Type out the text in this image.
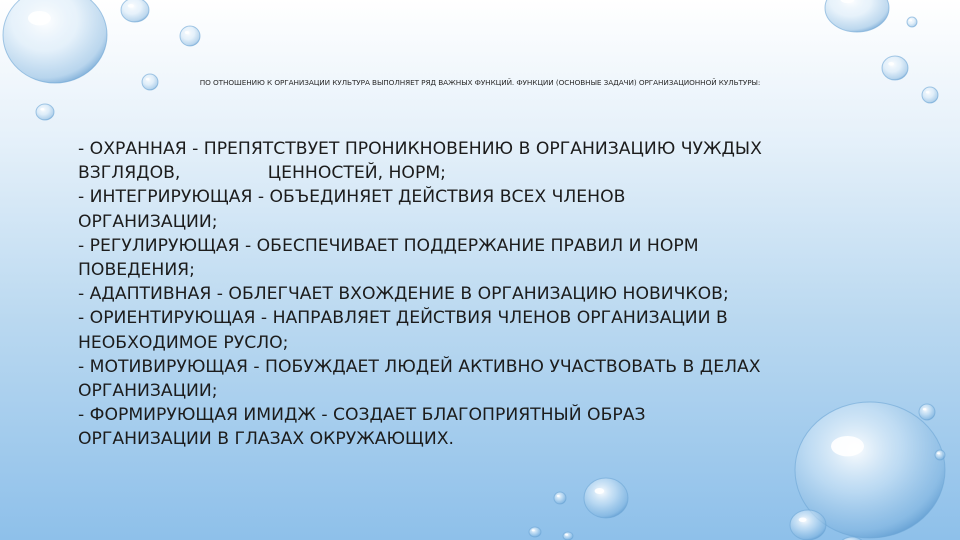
ПО ОТНОШЕНИЮ К ОРГАНИЗАЦИИ КУЛЬТУРА ВЫПОЛНЯЕТ РЯД ВАЖНЫХ ФУНКЦИЙ. ФУНКЦИИ (ОСНОВНЫЕ ЗАДАЧИ) ОРГАНИЗАЦИОННОЙ КУЛЬТУРЫ:
- ОХРАННАЯ - ПРЕПЯТСТВУЕТ ПРОНИКНОВЕНИЮ В ОРГАНИЗАЦИЮ ЧУЖДЫХ
ВЗГЛЯДОВ,                ЦЕННОСТЕЙ, НОРМ;
- ИНТЕГРИРУЮЩАЯ - ОБЪЕДИНЯЕТ ДЕЙСТВИЯ ВСЕХ ЧЛЕНОВ
ОРГАНИЗАЦИИ;
- РЕГУЛИРУЮЩАЯ - ОБЕСПЕЧИВАЕТ ПОДДЕРЖАНИЕ ПРАВИЛ И НОРМ
ПОВЕДЕНИЯ;
- АДАПТИВНАЯ - ОБЛЕГЧАЕТ ВХОЖДЕНИЕ В ОРГАНИЗАЦИЮ НОВИЧКОВ;
- ОРИЕНТИРУЮЩАЯ - НАПРАВЛЯЕТ ДЕЙСТВИЯ ЧЛЕНОВ ОРГАНИЗАЦИИ В
НЕОБХОДИМОЕ РУСЛО;
- МОТИВИРУЮЩАЯ - ПОБУЖДАЕТ ЛЮДЕЙ АКТИВНО УЧАСТВОВАТЬ В ДЕЛАХ
ОРГАНИЗАЦИИ;
- ФОРМИРУЮЩАЯ ИМИДЖ - СОЗДАЕТ БЛАГОПРИЯТНЫЙ ОБРАЗ
ОРГАНИЗАЦИИ В ГЛАЗАХ ОКРУЖАЮЩИХ.
